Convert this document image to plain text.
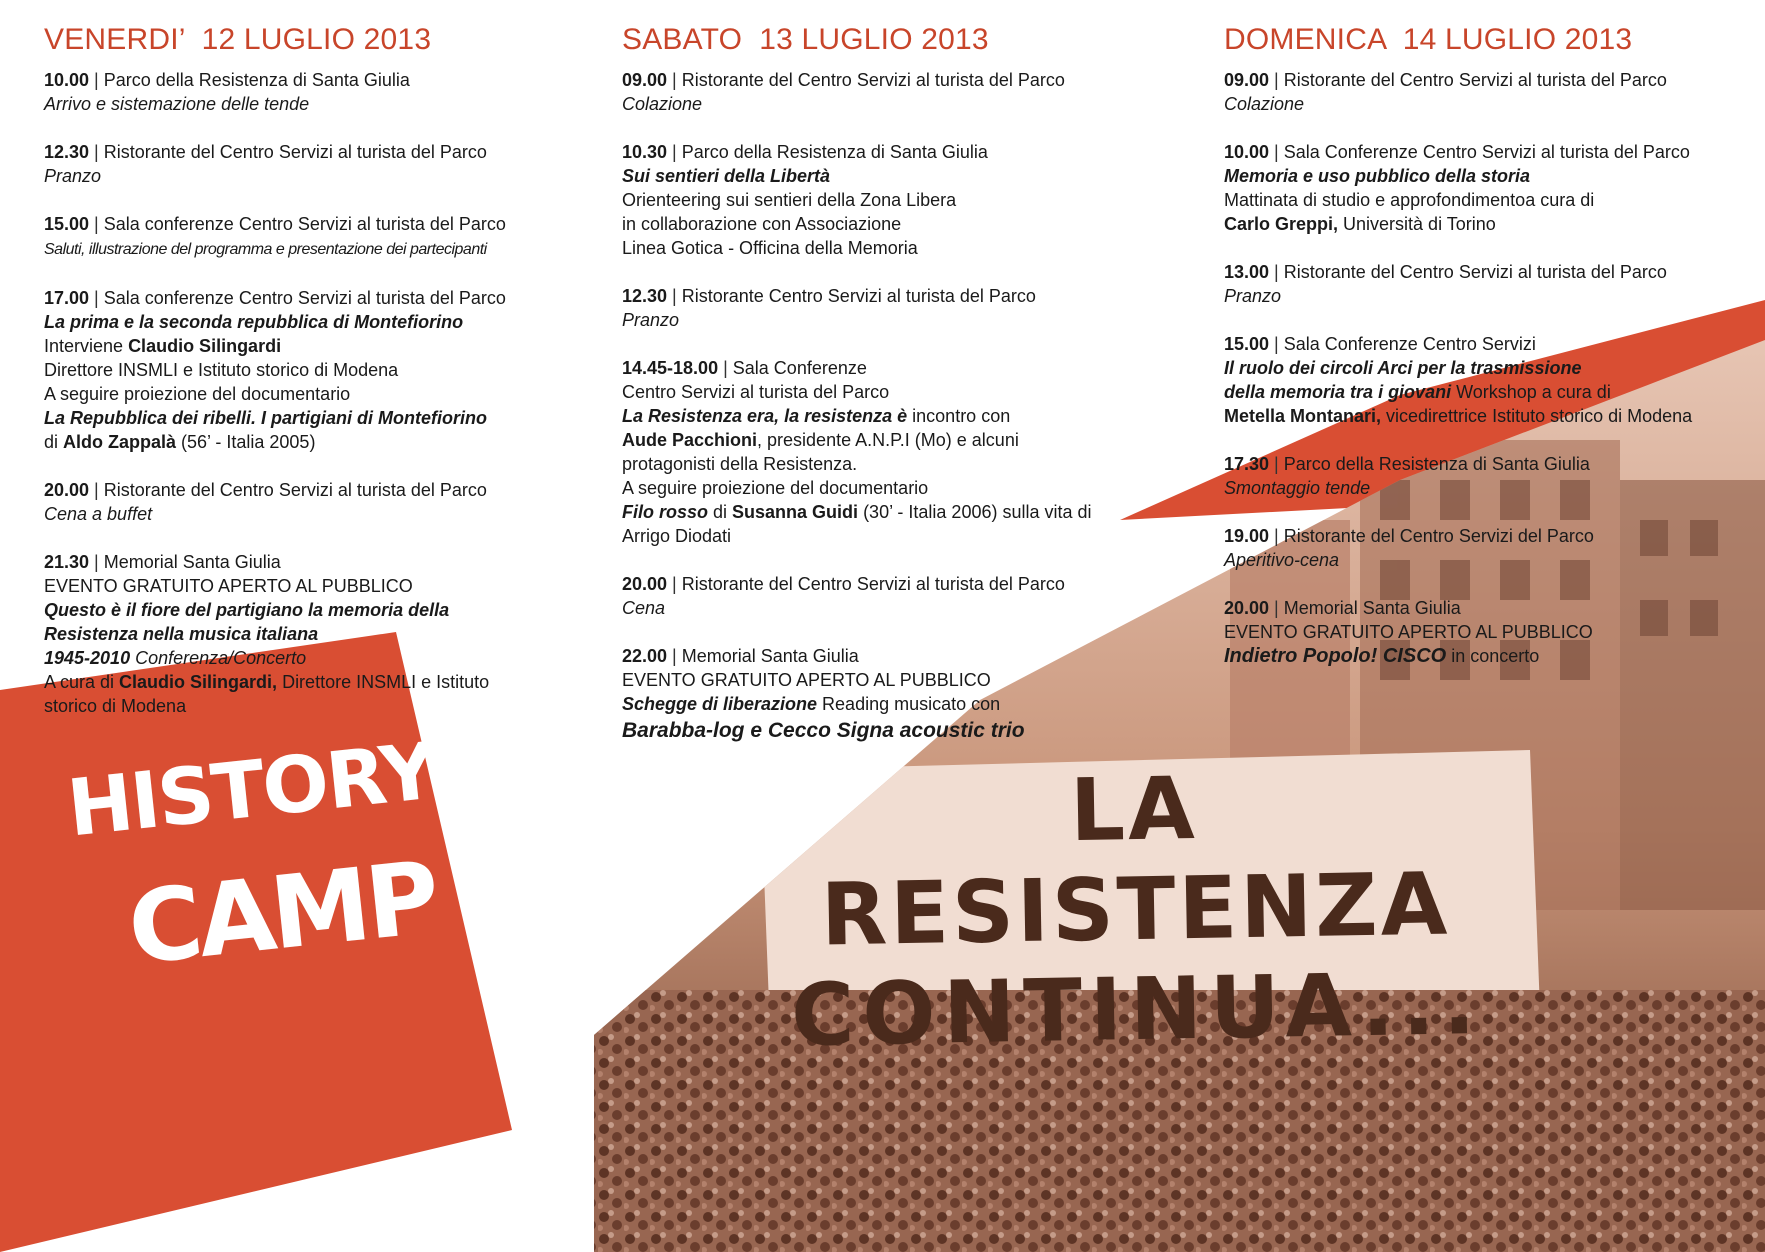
LA RESISTENZA
CONTINUA...
HISTORY
CAMP
VENERDI’  12 LUGLIO 2013
10.00 | Parco della Resistenza di Santa Giulia
Arrivo e sistemazione delle tende
12.30 | Ristorante del Centro Servizi al turista del Parco
Pranzo
15.00 | Sala conferenze Centro Servizi al turista del Parco
Saluti, illustrazione del programma e presentazione dei partecipanti
17.00 | Sala conferenze Centro Servizi al turista del Parco
La prima e la seconda repubblica di Montefiorino
Interviene Claudio Silingardi
Direttore INSMLI e Istituto storico di Modena
A seguire proiezione del documentario
La Repubblica dei ribelli. I partigiani di Montefiorino
di Aldo Zappalà (56’ - Italia 2005)
20.00 | Ristorante del Centro Servizi al turista del Parco
Cena a buffet
21.30 | Memorial Santa Giulia
EVENTO GRATUITO APERTO AL PUBBLICO
Questo è il fiore del partigiano la memoria della
Resistenza nella musica italiana
1945-2010 Conferenza/Concerto
A cura di Claudio Silingardi, Direttore INSMLI e Istituto
storico di Modena
SABATO  13 LUGLIO 2013
09.00 | Ristorante del Centro Servizi al turista del Parco
Colazione
10.30 | Parco della Resistenza di Santa Giulia
Sui sentieri della Libertà
Orienteering sui sentieri della Zona Libera
in collaborazione con Associazione
Linea Gotica - Officina della Memoria
12.30 | Ristorante Centro Servizi al turista del Parco
Pranzo
14.45-18.00 | Sala Conferenze
Centro Servizi al turista del Parco
La Resistenza era, la resistenza è incontro con
Aude Pacchioni, presidente A.N.P.I (Mo) e alcuni
protagonisti della Resistenza.
A seguire proiezione del documentario
Filo rosso di Susanna Guidi (30’ - Italia 2006) sulla vita di
Arrigo Diodati
20.00 | Ristorante del Centro Servizi al turista del Parco
Cena
22.00 | Memorial Santa Giulia
EVENTO GRATUITO APERTO AL PUBBLICO
Schegge di liberazione Reading musicato con
Barabba-log e Cecco Signa acoustic trio
DOMENICA  14 LUGLIO 2013
09.00 | Ristorante del Centro Servizi al turista del Parco
Colazione
10.00 | Sala Conferenze Centro Servizi al turista del Parco
Memoria e uso pubblico della storia
Mattinata di studio e approfondimentoa cura di
Carlo Greppi, Università di Torino
13.00 | Ristorante del Centro Servizi al turista del Parco
Pranzo
15.00 | Sala Conferenze Centro Servizi
Il ruolo dei circoli Arci per la trasmissione
della memoria tra i giovani Workshop a cura di
Metella Montanari, vicedirettrice Istituto storico di Modena
17.30 | Parco della Resistenza di Santa Giulia
Smontaggio tende
19.00 | Ristorante del Centro Servizi del Parco
Aperitivo-cena
20.00 | Memorial Santa Giulia
EVENTO GRATUITO APERTO AL PUBBLICO
Indietro Popolo! CISCO in concerto
